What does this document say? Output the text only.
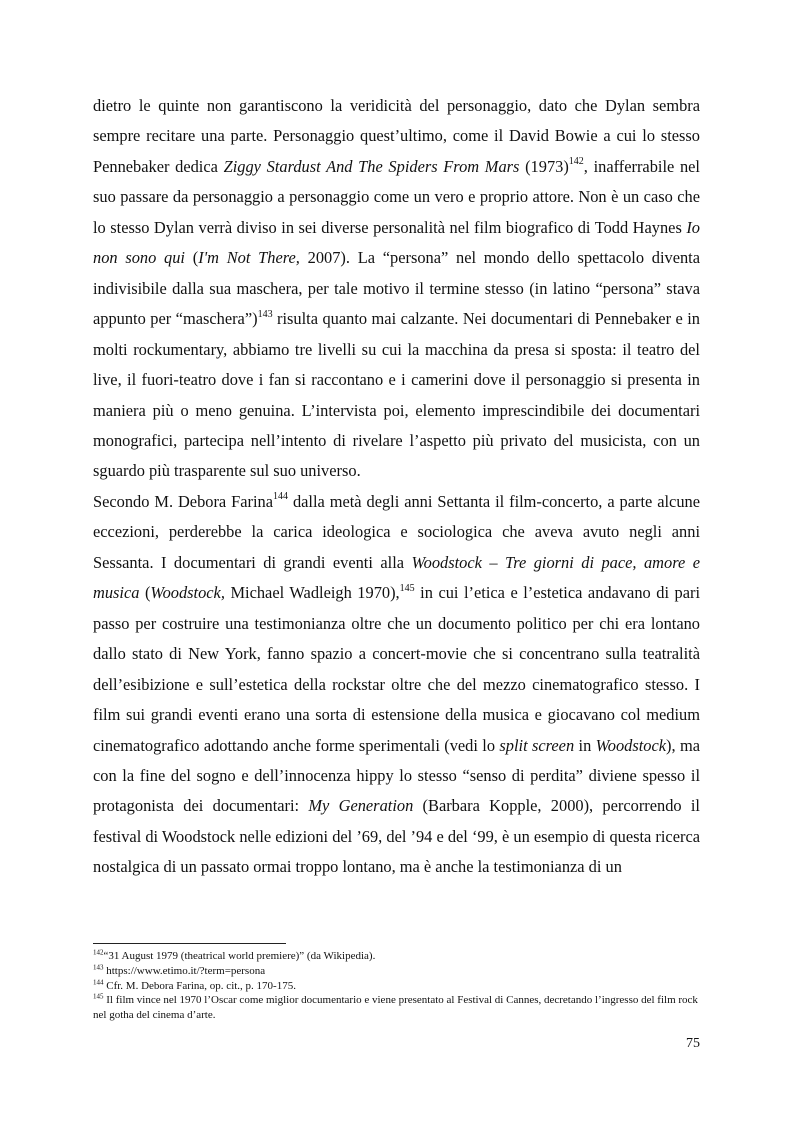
dietro le quinte non garantiscono la veridicità del personaggio, dato che Dylan sembra sempre recitare una parte. Personaggio quest’ultimo, come il David Bowie a cui lo stesso Pennebaker dedica Ziggy Stardust And The Spiders From Mars (1973)$^{142}$, inafferrabile nel suo passare da personaggio a personaggio come un vero e proprio attore. Non è un caso che lo stesso Dylan verrà diviso in sei diverse personalità nel film biografico di Todd Haynes Io non sono qui (I'm Not There, 2007). La “persona” nel mondo dello spettacolo diventa indivisibile dalla sua maschera, per tale motivo il termine stesso (in latino “persona” stava appunto per “maschera”)$^{143}$ risulta quanto mai calzante. Nei documentari di Pennebaker e in molti rockumentary, abbiamo tre livelli su cui la macchina da presa si sposta: il teatro del live, il fuori-teatro dove i fan si raccontano e i camerini dove il personaggio si presenta in maniera più o meno genuina. L’intervista poi, elemento imprescindibile dei documentari monografici, partecipa nell’intento di rivelare l’aspetto più privato del musicista, con un sguardo più trasparente sul suo universo.

Secondo M. Debora Farina$^{144}$ dalla metà degli anni Settanta il film-concerto, a parte alcune eccezioni, perderebbe la carica ideologica e sociologica che aveva avuto negli anni Sessanta. I documentari di grandi eventi alla Woodstock – Tre giorni di pace, amore e musica (Woodstock, Michael Wadleigh 1970),$^{145}$ in cui l’etica e l’estetica andavano di pari passo per costruire una testimonianza oltre che un documento politico per chi era lontano dallo stato di New York, fanno spazio a concert-movie che si concentrano sulla teatralità dell’esibizione e sull’estetica della rockstar oltre che del mezzo cinematografico stesso. I film sui grandi eventi erano una sorta di estensione della musica e giocavano col medium cinematografico adottando anche forme sperimentali (vedi lo split screen in Woodstock), ma con la fine del sogno e dell’innocenza hippy lo stesso “senso di perdita” diviene spesso il protagonista dei documentari: My Generation (Barbara Kopple, 2000), percorrendo il festival di Woodstock nelle edizioni del ’69, del ’94 e del ‘99, è un esempio di questa ricerca nostalgica di un passato ormai troppo lontano, ma è anche la testimonianza di un

$^{142}$“31 August 1979 (theatrical world premiere)” (da Wikipedia).

$^{143}$ https://www.etimo.it/?term=persona

$^{144}$ Cfr. M. Debora Farina, op. cit., p. 170-175.

$^{145}$ Il film vince nel 1970 l’Oscar come miglior documentario e viene presentato al Festival di Cannes, decretando l’ingresso del film rock nel gotha del cinema d’arte.

75
